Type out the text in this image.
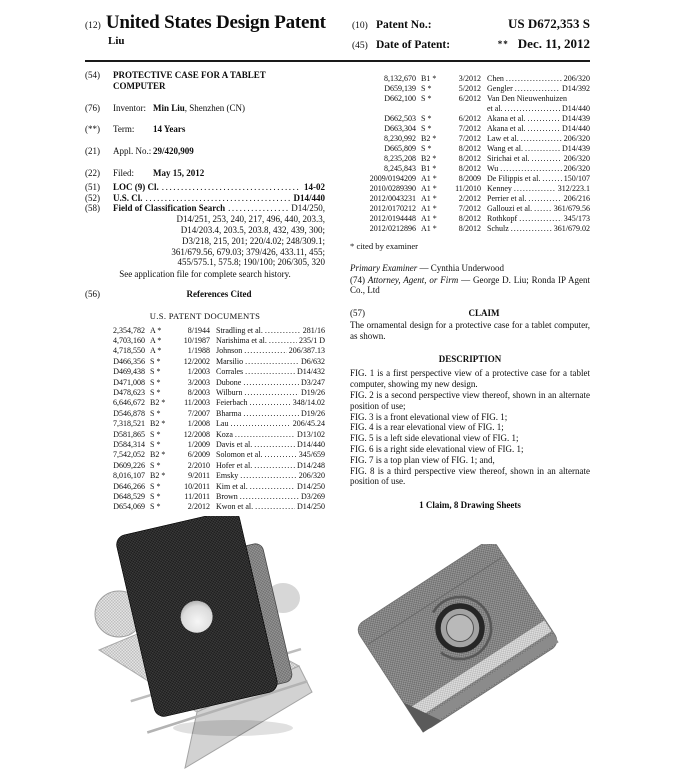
(12) United States Design Patent
Liu
(10) Patent No.:	US D672,353 S
(45) Date of Patent:	** Dec. 11, 2012
(54)	PROTECTIVE CASE FOR A TABLET COMPUTER
(76)	Inventor: Min Liu, Shenzhen (CN)
(**)	Term:	14 Years
(21)	Appl. No.: 29/420,909
(22)	Filed:	May 15, 2012
(51)	LOC (9) Cl. .....	14-02
(52)	U.S. Cl. .....	D14/440
(58)	Field of Classification Search .....	D14/250,
D14/251, 253, 240, 217, 496, 440, 203.3,
D14/203.4, 203.5, 203.8, 432, 439, 300;
D3/218, 215, 201; 220/4.02; 248/309.1;
361/679.56, 679.03; 379/426, 433.11, 455;
455/575.1, 575.8; 190/100; 206/305, 320
See application file for complete search history.
(56)	References Cited
U.S. PATENT DOCUMENTS
2,354,782 A *	8/1944 Stradling et al. .....	281/16
4,703,160 A *	10/1987 Narishima et al. .....	235/1 D
4,718,550 A *	1/1988 Johnson .....	206/387.13
D466,356 S *	12/2002 Marsilio .....	D6/632
D469,438 S *	1/2003 Corrales .....	D14/432
D471,008 S *	3/2003 Dubone .....	D3/247
D478,623 S *	8/2003 Wilburn .....	D19/26
6,646,672 B2 *	11/2003 Feierbach .....	348/14.02
D546,878 S *	7/2007 Bharma .....	D19/26
7,318,521 B2 *	1/2008 Lau .....	206/45.24
D581,865 S *	12/2008 Koza .....	D13/102
D584,314 S *	1/2009 Davis et al. .....	D14/440
7,542,052 B2 *	6/2009 Solomon et al. .....	345/659
D609,226 S *	2/2010 Hofer et al. .....	D14/248
8,016,107 B2 *	9/2011 Emsky .....	206/320
D646,266 S *	10/2011 Kim et al. .....	D14/250
D648,529 S *	11/2011 Brown .....	D3/269
D654,069 S *	2/2012 Kwon et al. .....	D14/250
8,132,670 B1 *	3/2012 Chen .....	206/320
D659,139 S *	5/2012 Gengler .....	D14/392
D662,100 S *	6/2012 Van Den Nieuwenhuizen
et al. .....	D14/440
D662,503 S *	6/2012 Akana et al. .....	D14/439
D663,304 S *	7/2012 Akana et al. .....	D14/440
8,230,992 B2 *	7/2012 Law et al. .....	206/320
D665,809 S *	8/2012 Wang et al. .....	D14/439
8,235,208 B2 *	8/2012 Sirichai et al. .....	206/320
8,245,843 B1 *	8/2012 Wu .....	206/320
2009/0194209 A1 *	8/2009 De Filippis et al. .....	150/107
2010/0289390 A1 *	11/2010 Kenney .....	312/223.1
2012/0043231 A1 *	2/2012 Perrier et al. .....	206/216
2012/0170212 A1 *	7/2012 Gallouzi et al. .....	361/679.56
2012/0194448 A1 *	8/2012 Rothkopf .....	345/173
2012/0212896 A1 *	8/2012 Schulz .....	361/679.02
* cited by examiner

Primary Examiner — Cynthia Underwood

(74) Attorney, Agent, or Firm — George D. Liu; Ronda IP Agent Co., Ltd

(57)	CLAIM

The ornamental design for a protective case for a tablet computer, as shown.

DESCRIPTION

FIG. 1 is a first perspective view of a protective case for a tablet computer, showing my new design.

FIG. 2 is a second perspective view thereof, shown in an alternate position of use;

FIG. 3 is a front elevational view of FIG. 1;

FIG. 4 is a rear elevational view of FIG. 1;

FIG. 5 is a left side elevational view of FIG. 1;

FIG. 6 is a right side elevational view of FIG. 1;

FIG. 7 is a top plan view of FIG. 1; and,

FIG. 8 is a third perspective view thereof, shown in an alternate position of use.

1 Claim, 8 Drawing Sheets
